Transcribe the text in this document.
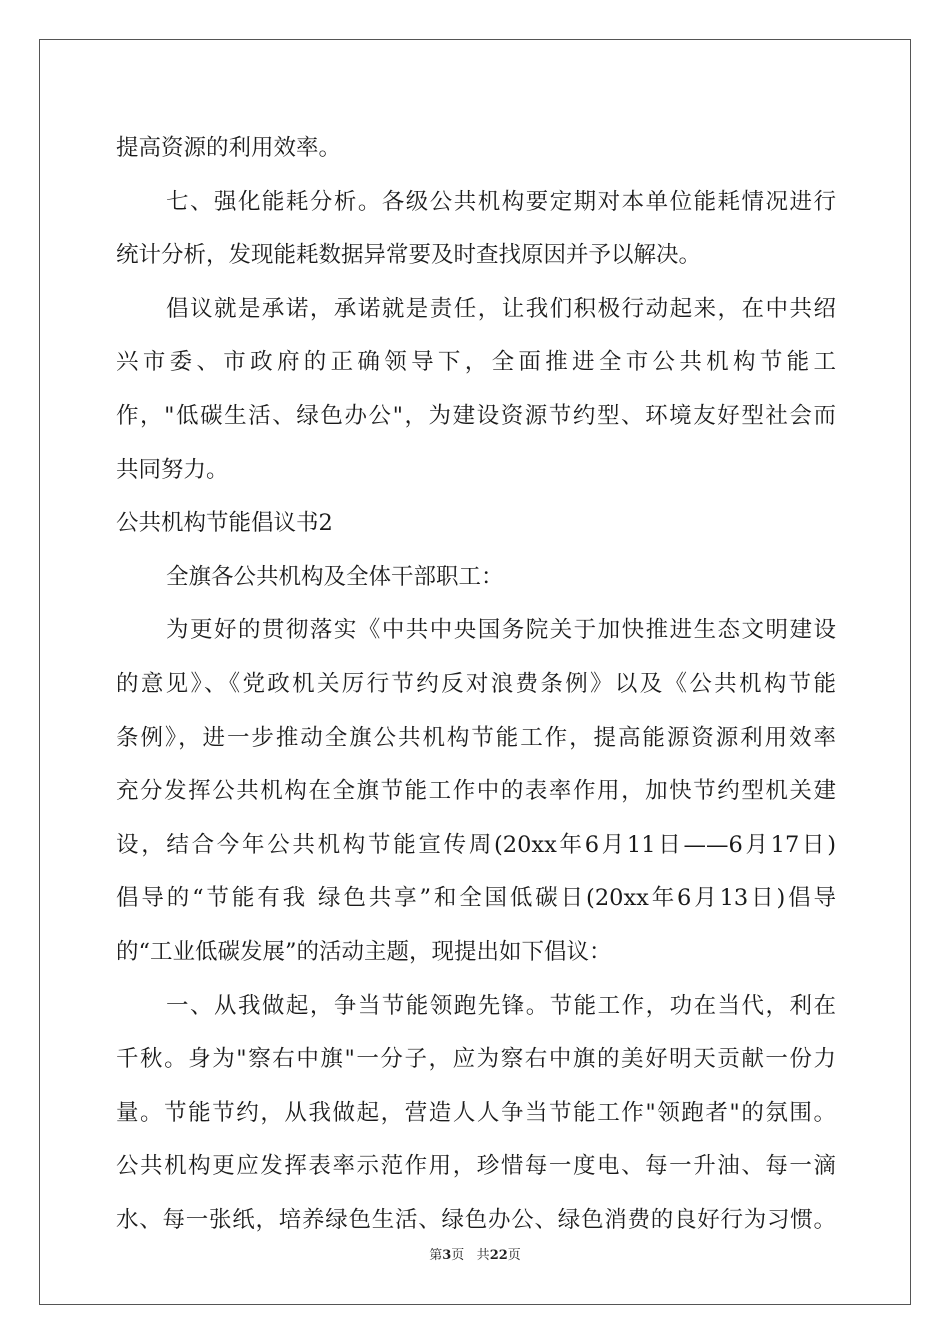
提高资源的利用效率。
七、强化能耗分析。各级公共机构要定期对本单位能耗情况进行
统计分析，发现能耗数据异常要及时查找原因并予以解决。
倡议就是承诺，承诺就是责任，让我们积极行动起来，在中共绍
兴市委、市政府的正确领导下，全面推进全市公共机构节能工
作，"低碳生活、绿色办公"，为建设资源节约型、环境友好型社会而
共同努力。
公共机构节能倡议书2
全旗各公共机构及全体干部职工：
为更好的贯彻落实《中共中央国务院关于加快推进生态文明建设
的意见》、《党政机关厉行节约反对浪费条例》以及《公共机构节能
条例》，进一步推动全旗公共机构节能工作，提高能源资源利用效率
充分发挥公共机构在全旗节能工作中的表率作用，加快节约型机关建
设，结合今年公共机构节能宣传周(20xx年6月11日——6月17日)
倡导的“节能有我 绿色共享”和全国低碳日(20xx年6月13日)倡导
的“工业低碳发展”的活动主题，现提出如下倡议：
一、从我做起，争当节能领跑先锋。节能工作，功在当代，利在
千秋。身为"察右中旗"一分子，应为察右中旗的美好明天贡献一份力
量。节能节约，从我做起，营造人人争当节能工作"领跑者"的氛围。
公共机构更应发挥表率示范作用，珍惜每一度电、每一升油、每一滴
水、每一张纸，培养绿色生活、绿色办公、绿色消费的良好行为习惯。
第3页 共22页
